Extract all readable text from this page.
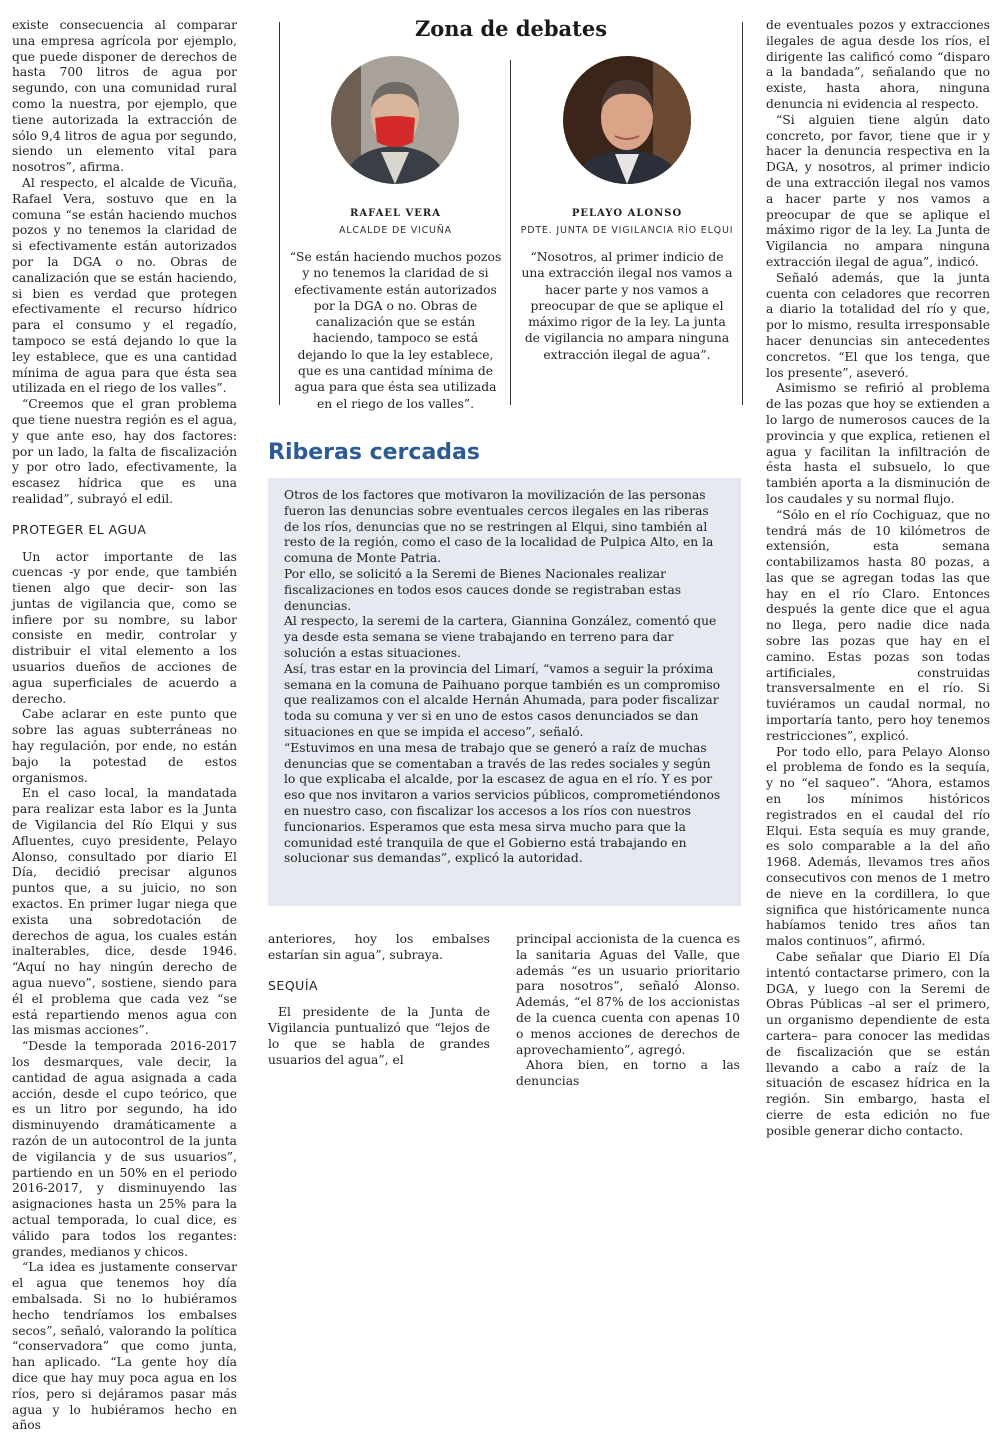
existe consecuencia al comparar una empresa agrícola por ejemplo, que puede disponer de derechos de hasta 700 litros de agua por segundo, con una comunidad rural como la nuestra, por ejemplo, que tiene autorizada la extracción de sólo 9,4 litros de agua por segundo, siendo un elemento vital para nosotros”, afirma.

Al respecto, el alcalde de Vicuña, Rafael Vera, sostuvo que en la comuna “se están haciendo muchos pozos y no tenemos la claridad de si efectivamente están autorizados por la DGA o no. Obras de canalización que se están haciendo, si bien es verdad que protegen efectivamente el recurso hídrico para el consumo y el regadío, tampoco se está dejando lo que la ley establece, que es una cantidad mínima de agua para que ésta sea utilizada en el riego de los valles”.

“Creemos que el gran problema que tiene nuestra región es el agua, y que ante eso, hay dos factores: por un lado, la falta de fiscalización y por otro lado, efectivamente, la escasez hídrica que es una realidad”, subrayó el edil.

PROTEGER EL AGUA

Un actor importante de las cuencas -y por ende, que también tienen algo que decir- son las juntas de vigilancia que, como se infiere por su nombre, su labor consiste en medir, controlar y distribuir el vital elemento a los usuarios dueños de acciones de agua superficiales de acuerdo a derecho.

Cabe aclarar en este punto que sobre las aguas subterráneas no hay regulación, por ende, no están bajo la potestad de estos organismos.

En el caso local, la mandatada para realizar esta labor es la Junta de Vigilancia del Río Elqui y sus Afluentes, cuyo presidente, Pelayo Alonso, consultado por diario El Día, decidió precisar algunos puntos que, a su juicio, no son exactos. En primer lugar niega que exista una sobredotación de derechos de agua, los cuales están inalterables, dice, desde 1946. “Aquí no hay ningún derecho de agua nuevo”, sostiene, siendo para él el problema que cada vez “se está repartiendo menos agua con las mismas acciones”.

“Desde la temporada 2016-2017 los desmarques, vale decir, la cantidad de agua asignada a cada acción, desde el cupo teórico, que es un litro por segundo, ha ido disminuyendo dramáticamente a razón de un autocontrol de la junta de vigilancia y de sus usuarios”, partiendo en un 50% en el periodo 2016-2017, y disminuyendo las asignaciones hasta un 25% para la actual temporada, lo cual dice, es válido para todos los regantes: grandes, medianos y chicos.

“La idea es justamente conservar el agua que tenemos hoy día embalsada. Si no lo hubiéramos hecho tendríamos los embalses secos”, señaló, valorando la política “conservadora” que como junta, han aplicado. “La gente hoy día dice que hay muy poca agua en los ríos, pero si dejáramos pasar más agua y lo hubiéramos hecho en años

Zona de debates
RAFAEL VERA
ALCALDE DE VICUÑA
“Se están haciendo muchos pozos y no tenemos la claridad de si efectivamente están autorizados por la DGA o no. Obras de canalización que se están haciendo, tampoco se está dejando lo que la ley establece, que es una cantidad mínima de agua para que ésta sea utilizada en el riego de los valles”.
PELAYO ALONSO
PDTE. JUNTA DE VIGILANCIA RÍO ELQUI
“Nosotros, al primer indicio de una extracción ilegal nos vamos a hacer parte y nos vamos a preocupar de que se aplique el máximo rigor de la ley. La junta de vigilancia no ampara ninguna extracción ilegal de agua”.
Riberas cercadas

Otros de los factores que motivaron la movilización de las personas fueron las denuncias sobre eventuales cercos ilegales en las riberas de los ríos, denuncias que no se restringen al Elqui, sino también al resto de la región, como el caso de la localidad de Pulpica Alto, en la comuna de Monte Patria.

Por ello, se solicitó a la Seremi de Bienes Nacionales realizar fiscalizaciones en todos esos cauces donde se registraban estas denuncias.

Al respecto, la seremi de la cartera, Giannina González, comentó que ya desde esta semana se viene trabajando en terreno para dar solución a estas situaciones.

Así, tras estar en la provincia del Limarí, “vamos a seguir la próxima semana en la comuna de Paihuano porque también es un compromiso que realizamos con el alcalde Hernán Ahumada, para poder fiscalizar toda su comuna y ver si en uno de estos casos denunciados se dan situaciones en que se impida el acceso”, señaló.

“Estuvimos en una mesa de trabajo que se generó a raíz de muchas denuncias que se comentaban a través de las redes sociales y según lo que explicaba el alcalde, por la escasez de agua en el río. Y es por eso que nos invitaron a varios servicios públicos, comprometiéndonos en nuestro caso, con fiscalizar los accesos a los ríos con nuestros funcionarios. Esperamos que esta mesa sirva mucho para que la comunidad esté tranquila de que el Gobierno está trabajando en solucionar sus demandas”, explicó la autoridad.

anteriores, hoy los embalses estarían sin agua”, subraya.

SEQUÍA

El presidente de la Junta de Vigilancia puntualizó que “lejos de lo que se habla de grandes usuarios del agua”, el

principal accionista de la cuenca es la sanitaria Aguas del Valle, que además “es un usuario prioritario para nosotros”, señaló Alonso. Además, “el 87% de los accionistas de la cuenca cuenta con apenas 10 o menos acciones de derechos de aprovechamiento”, agregó.

Ahora bien, en torno a las denuncias

de eventuales pozos y extracciones ilegales de agua desde los ríos, el dirigente las calificó como “disparo a la bandada”, señalando que no existe, hasta ahora, ninguna denuncia ni evidencia al respecto.

“Si alguien tiene algún dato concreto, por favor, tiene que ir y hacer la denuncia respectiva en la DGA, y nosotros, al primer indicio de una extracción ilegal nos vamos a hacer parte y nos vamos a preocupar de que se aplique el máximo rigor de la ley. La Junta de Vigilancia no ampara ninguna extracción ilegal de agua”, indicó.

Señaló además, que la junta cuenta con celadores que recorren a diario la totalidad del río y que, por lo mismo, resulta irresponsable hacer denuncias sin antecedentes concretos. “El que los tenga, que los presente”, aseveró.

Asimismo se refirió al problema de las pozas que hoy se extienden a lo largo de numerosos cauces de la provincia y que explica, retienen el agua y facilitan la infiltración de ésta hasta el subsuelo, lo que también aporta a la disminución de los caudales y su normal flujo.

“Sólo en el río Cochiguaz, que no tendrá más de 10 kilómetros de extensión, esta semana contabilizamos hasta 80 pozas, a las que se agregan todas las que hay en el río Claro. Entonces después la gente dice que el agua no llega, pero nadie dice nada sobre las pozas que hay en el camino. Estas pozas son todas artificiales, construidas transversalmente en el río. Si tuviéramos un caudal normal, no importaría tanto, pero hoy tenemos restricciones”, explicó.

Por todo ello, para Pelayo Alonso el problema de fondo es la sequía, y no “el saqueo”. “Ahora, estamos en los mínimos históricos registrados en el caudal del río Elqui. Esta sequía es muy grande, es solo comparable a la del año 1968. Además, llevamos tres años consecutivos con menos de 1 metro de nieve en la cordillera, lo que significa que históricamente nunca habíamos tenido tres años tan malos continuos”, afirmó.

Cabe señalar que Diario El Día intentó contactarse primero, con la DGA, y luego con la Seremi de Obras Públicas –al ser el primero, un organismo dependiente de esta cartera– para conocer las medidas de fiscalización que se están llevando a cabo a raíz de la situación de escasez hídrica en la región. Sin embargo, hasta el cierre de esta edición no fue posible generar dicho contacto.
